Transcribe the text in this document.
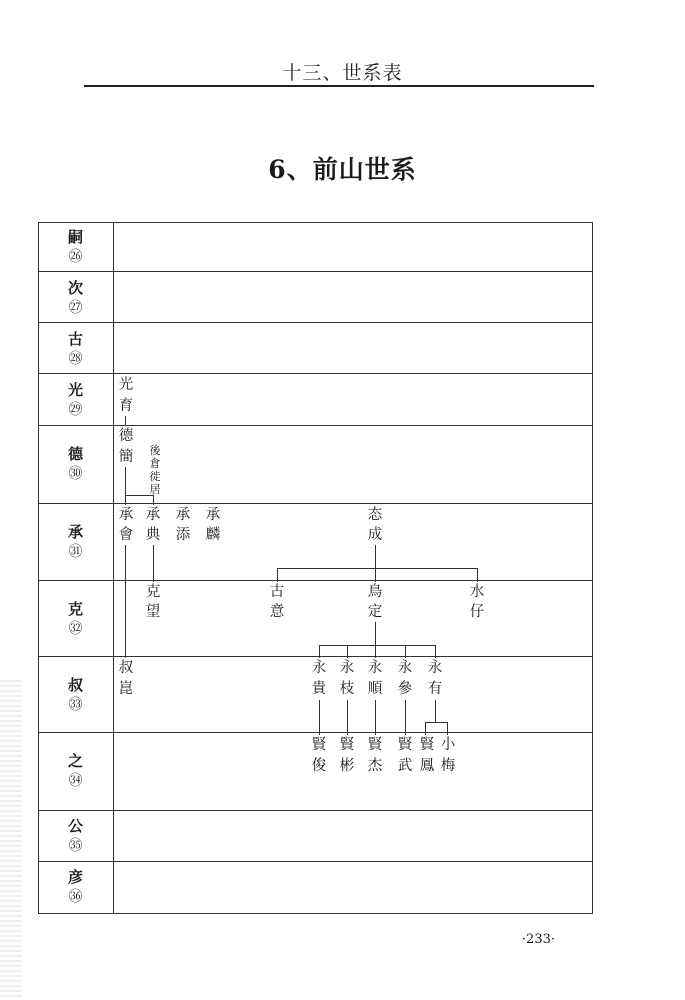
十三、世系表
6、前山世系
嗣
㉖
次
㉗
古
㉘
光
㉙
德
㉚
承
㉛
克
㉜
叔
㉝
之
㉞
公
㉟
彦
㊱
光
育
德
簡 後
倉
徙
居
承
會
承
典
承
添
承
麟
态
成
克
望
古
意
鳥
定
水
仔
叔
崑
永
貴
永
枝
永
順
永
參
永
有
賢
俊
賢
彬
賢
杰
賢
武
賢
鳳
小
梅
·233·
